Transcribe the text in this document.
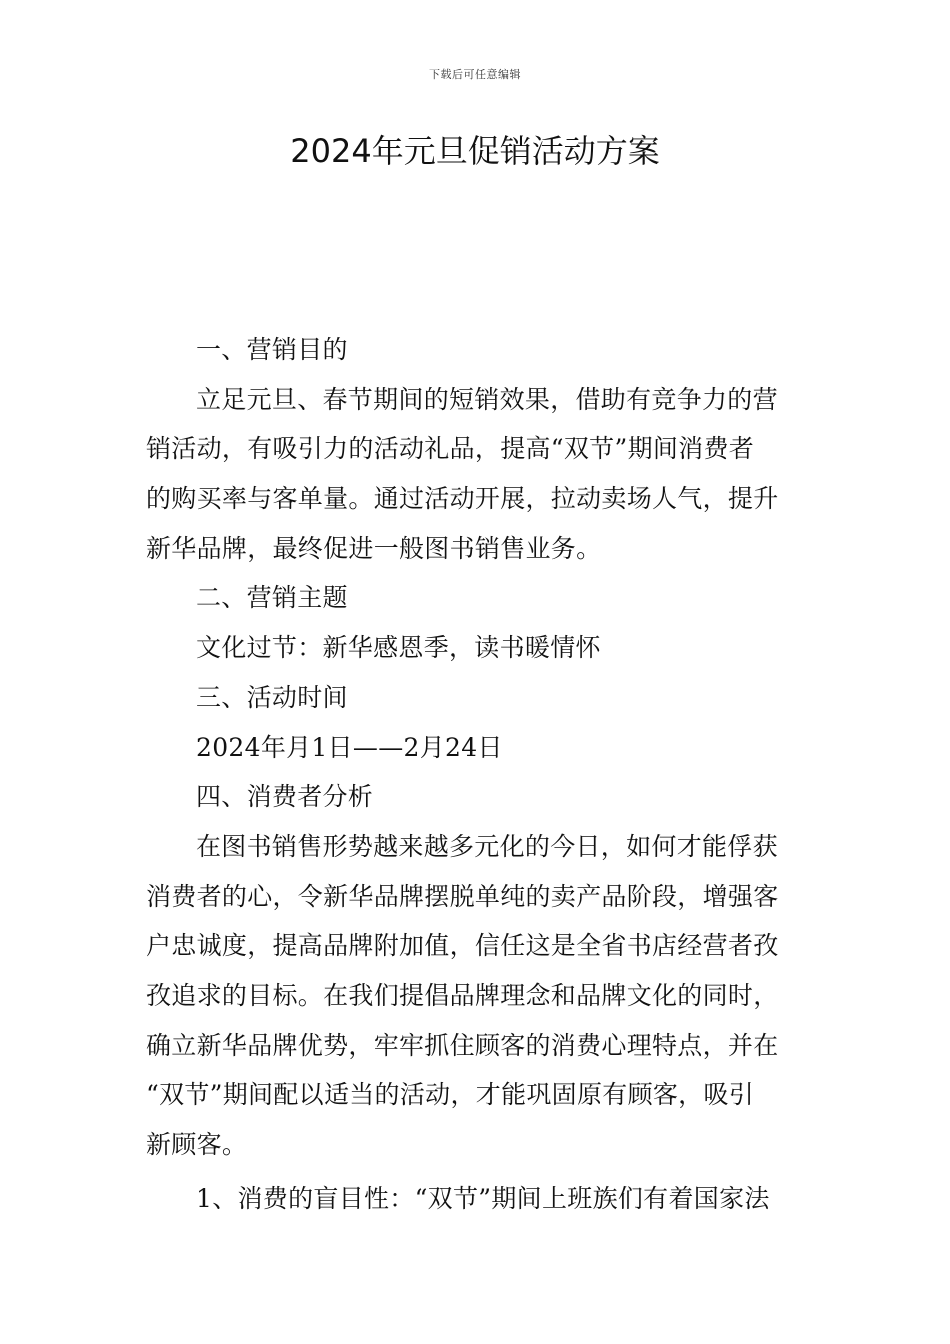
下载后可任意编辑
2024年元旦促销活动方案
一、营销目的
立足元旦、春节期间的短销效果，借助有竞争力的营
销活动，有吸引力的活动礼品，提高“双节”期间消费者
的购买率与客单量。通过活动开展，拉动卖场人气，提升
新华品牌，最终促进一般图书销售业务。
二、营销主题
文化过节：新华感恩季，读书暖情怀
三、活动时间
2024年月1日——2月24日
四、消费者分析
在图书销售形势越来越多元化的今日，如何才能俘获
消费者的心，令新华品牌摆脱单纯的卖产品阶段，增强客
户忠诚度，提高品牌附加值，信任这是全省书店经营者孜
孜追求的目标。在我们提倡品牌理念和品牌文化的同时，
确立新华品牌优势，牢牢抓住顾客的消费心理特点，并在
“双节”期间配以适当的活动，才能巩固原有顾客，吸引
新顾客。
1、消费的盲目性：“双节”期间上班族们有着国家法
